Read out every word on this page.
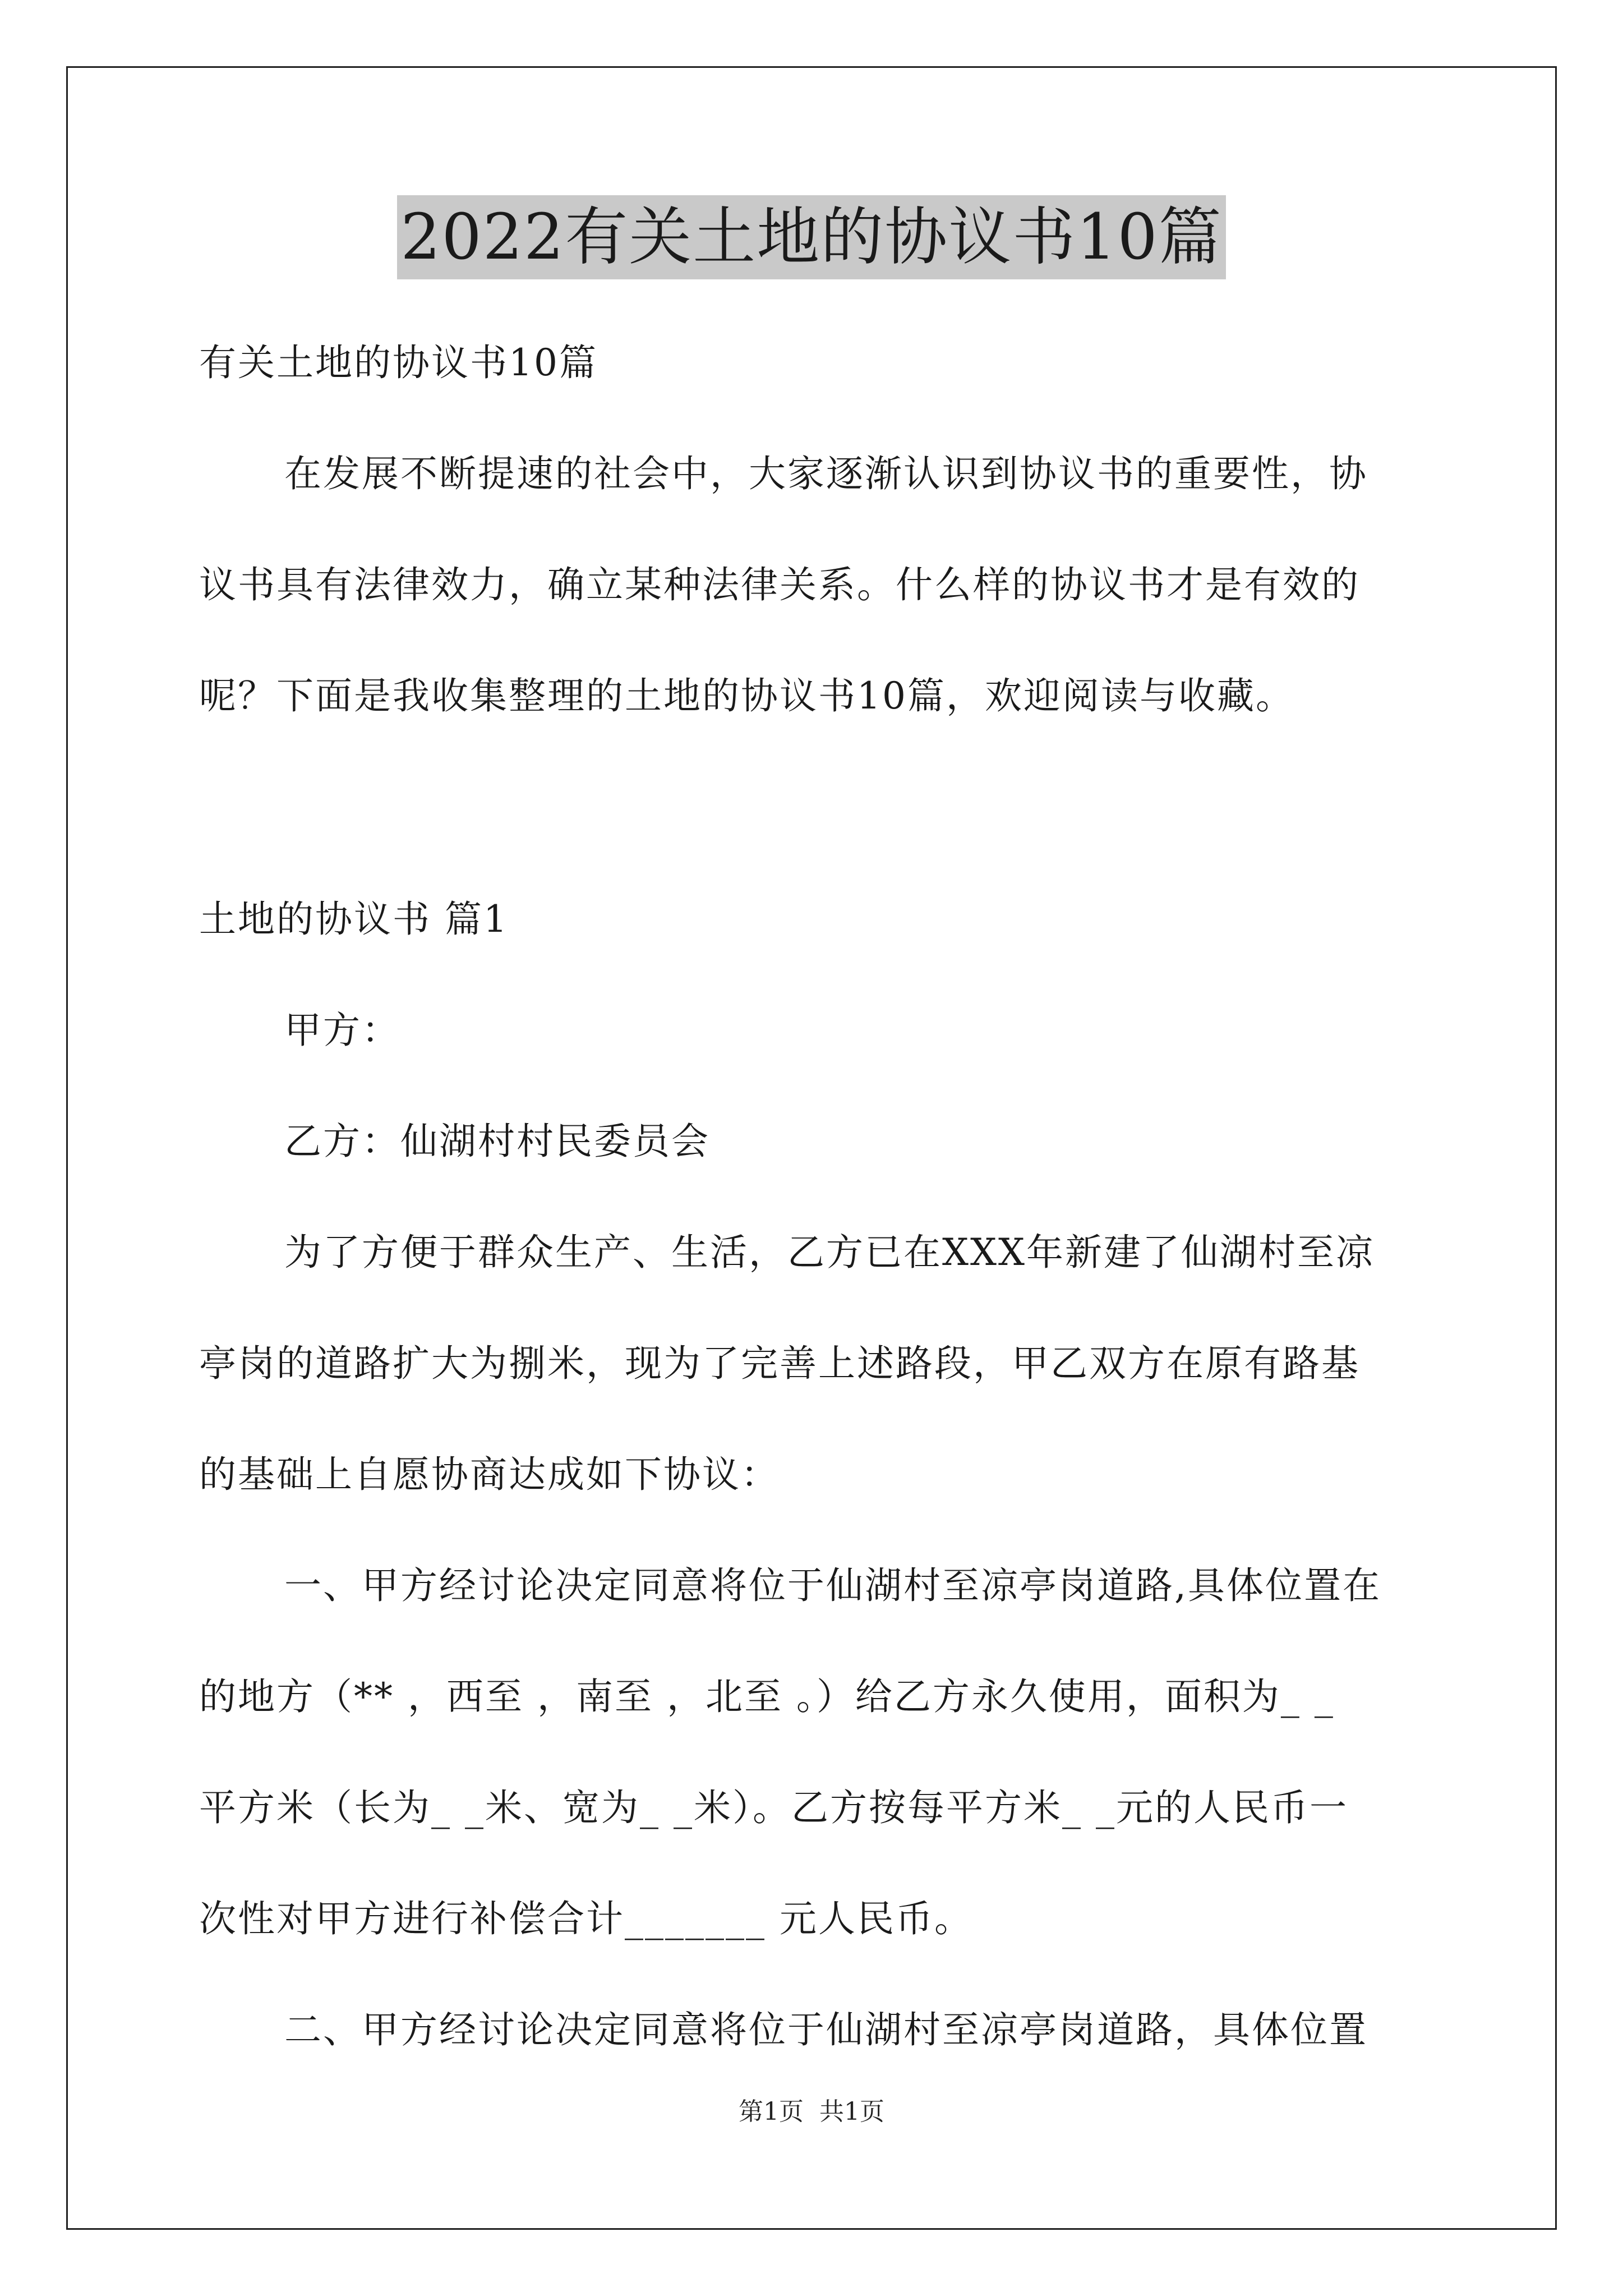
2022有关土地的协议书10篇
有关土地的协议书10篇
在发展不断提速的社会中，大家逐渐认识到协议书的重要性，协
议书具有法律效力，确立某种法律关系。什么样的协议书才是有效的
呢？下面是我收集整理的土地的协议书10篇，欢迎阅读与收藏。
土地的协议书 篇1
甲方：
乙方：仙湖村村民委员会
为了方便于群众生产、生活，乙方已在XXX年新建了仙湖村至凉
亭岗的道路扩大为捌米，现为了完善上述路段，甲乙双方在原有路基
的基础上自愿协商达成如下协议：
一、甲方经讨论决定同意将位于仙湖村至凉亭岗道路,具体位置在
的地方（** ，西至 ，南至 ，北至 。）给乙方永久使用，面积为_ _
平方米（长为_ _米、宽为_ _米）。乙方按每平方米_ _元的人民币一
次性对甲方进行补偿合计_______ 元人民币。
二、甲方经讨论决定同意将位于仙湖村至凉亭岗道路，具体位置
第1页 共1页
